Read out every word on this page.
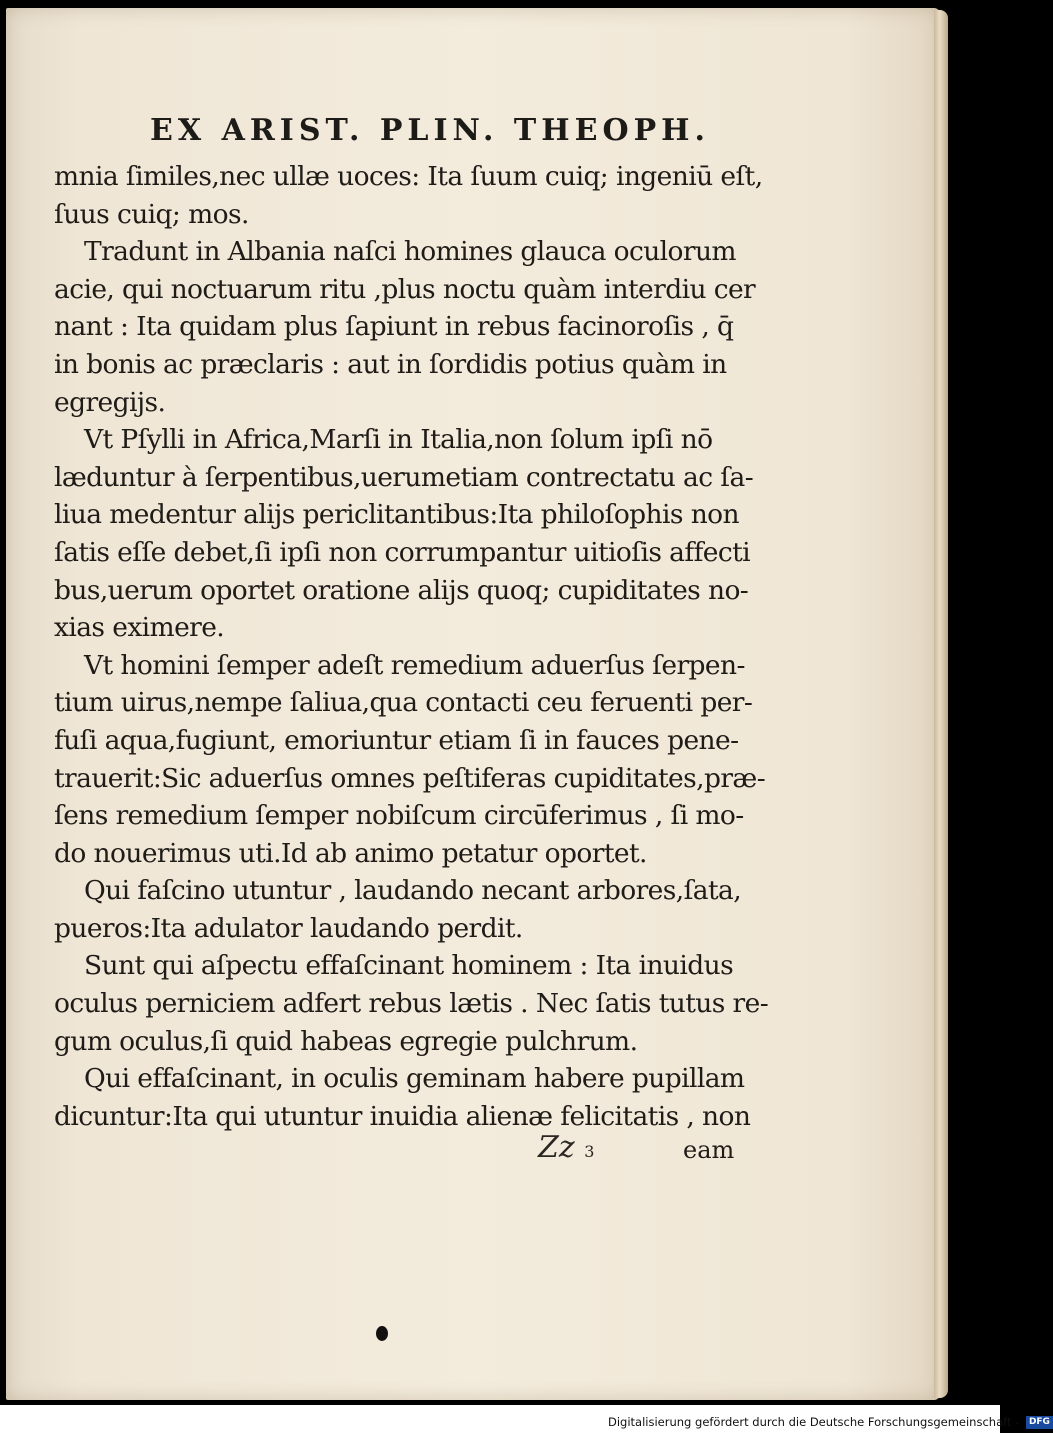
EX ARIST. PLIN. THEOPH.
mnia ſimiles,nec ullæ uoces: Ita ſuum cuiq; ingeniū eſt,
ſuus cuiq; mos.
Tradunt in Albania naſci homines glauca oculorum
acie, qui noctuarum ritu ,plus noctu quàm interdiu cer
nant : Ita quidam plus ſapiunt in rebus facinoroſis , q̄
in bonis ac præclaris : aut in ſordidis potius quàm in
egregijs.
Vt Pſylli in Africa,Marſi in Italia,non ſolum ipſi nō
læduntur à ſerpentibus,uerumetiam contrectatu ac ſa-
liua medentur alijs periclitantibus:Ita philoſophis non
ſatis eſſe debet,ſi ipſi non corrumpantur uitioſis affecti
bus,uerum oportet oratione alijs quoq; cupiditates no-
xias eximere.
Vt homini ſemper adeſt remedium aduerſus ſerpen-
tium uirus,nempe ſaliua,qua contacti ceu feruenti per-
fuſi aqua,fugiunt, emoriuntur etiam ſi in fauces pene-
trauerit:Sic aduerſus omnes peſtiferas cupiditates,præ-
ſens remedium ſemper nobiſcum circūferimus , ſi mo-
do nouerimus uti.Id ab animo petatur oportet.
Qui faſcino utuntur , laudando necant arbores,ſata,
pueros:Ita adulator laudando perdit.
Sunt qui aſpectu effaſcinant hominem : Ita inuidus
oculus perniciem adfert rebus lætis . Nec ſatis tutus re-
gum oculus,ſi quid habeas egregie pulchrum.
Qui effaſcinant, in oculis geminam habere pupillam
dicuntur:Ita qui utuntur inuidia alienæ felicitatis , non
Zz 3	eam
Digitalisierung gefördert durch die Deutsche Forschungsgemeinschaft - DFG
